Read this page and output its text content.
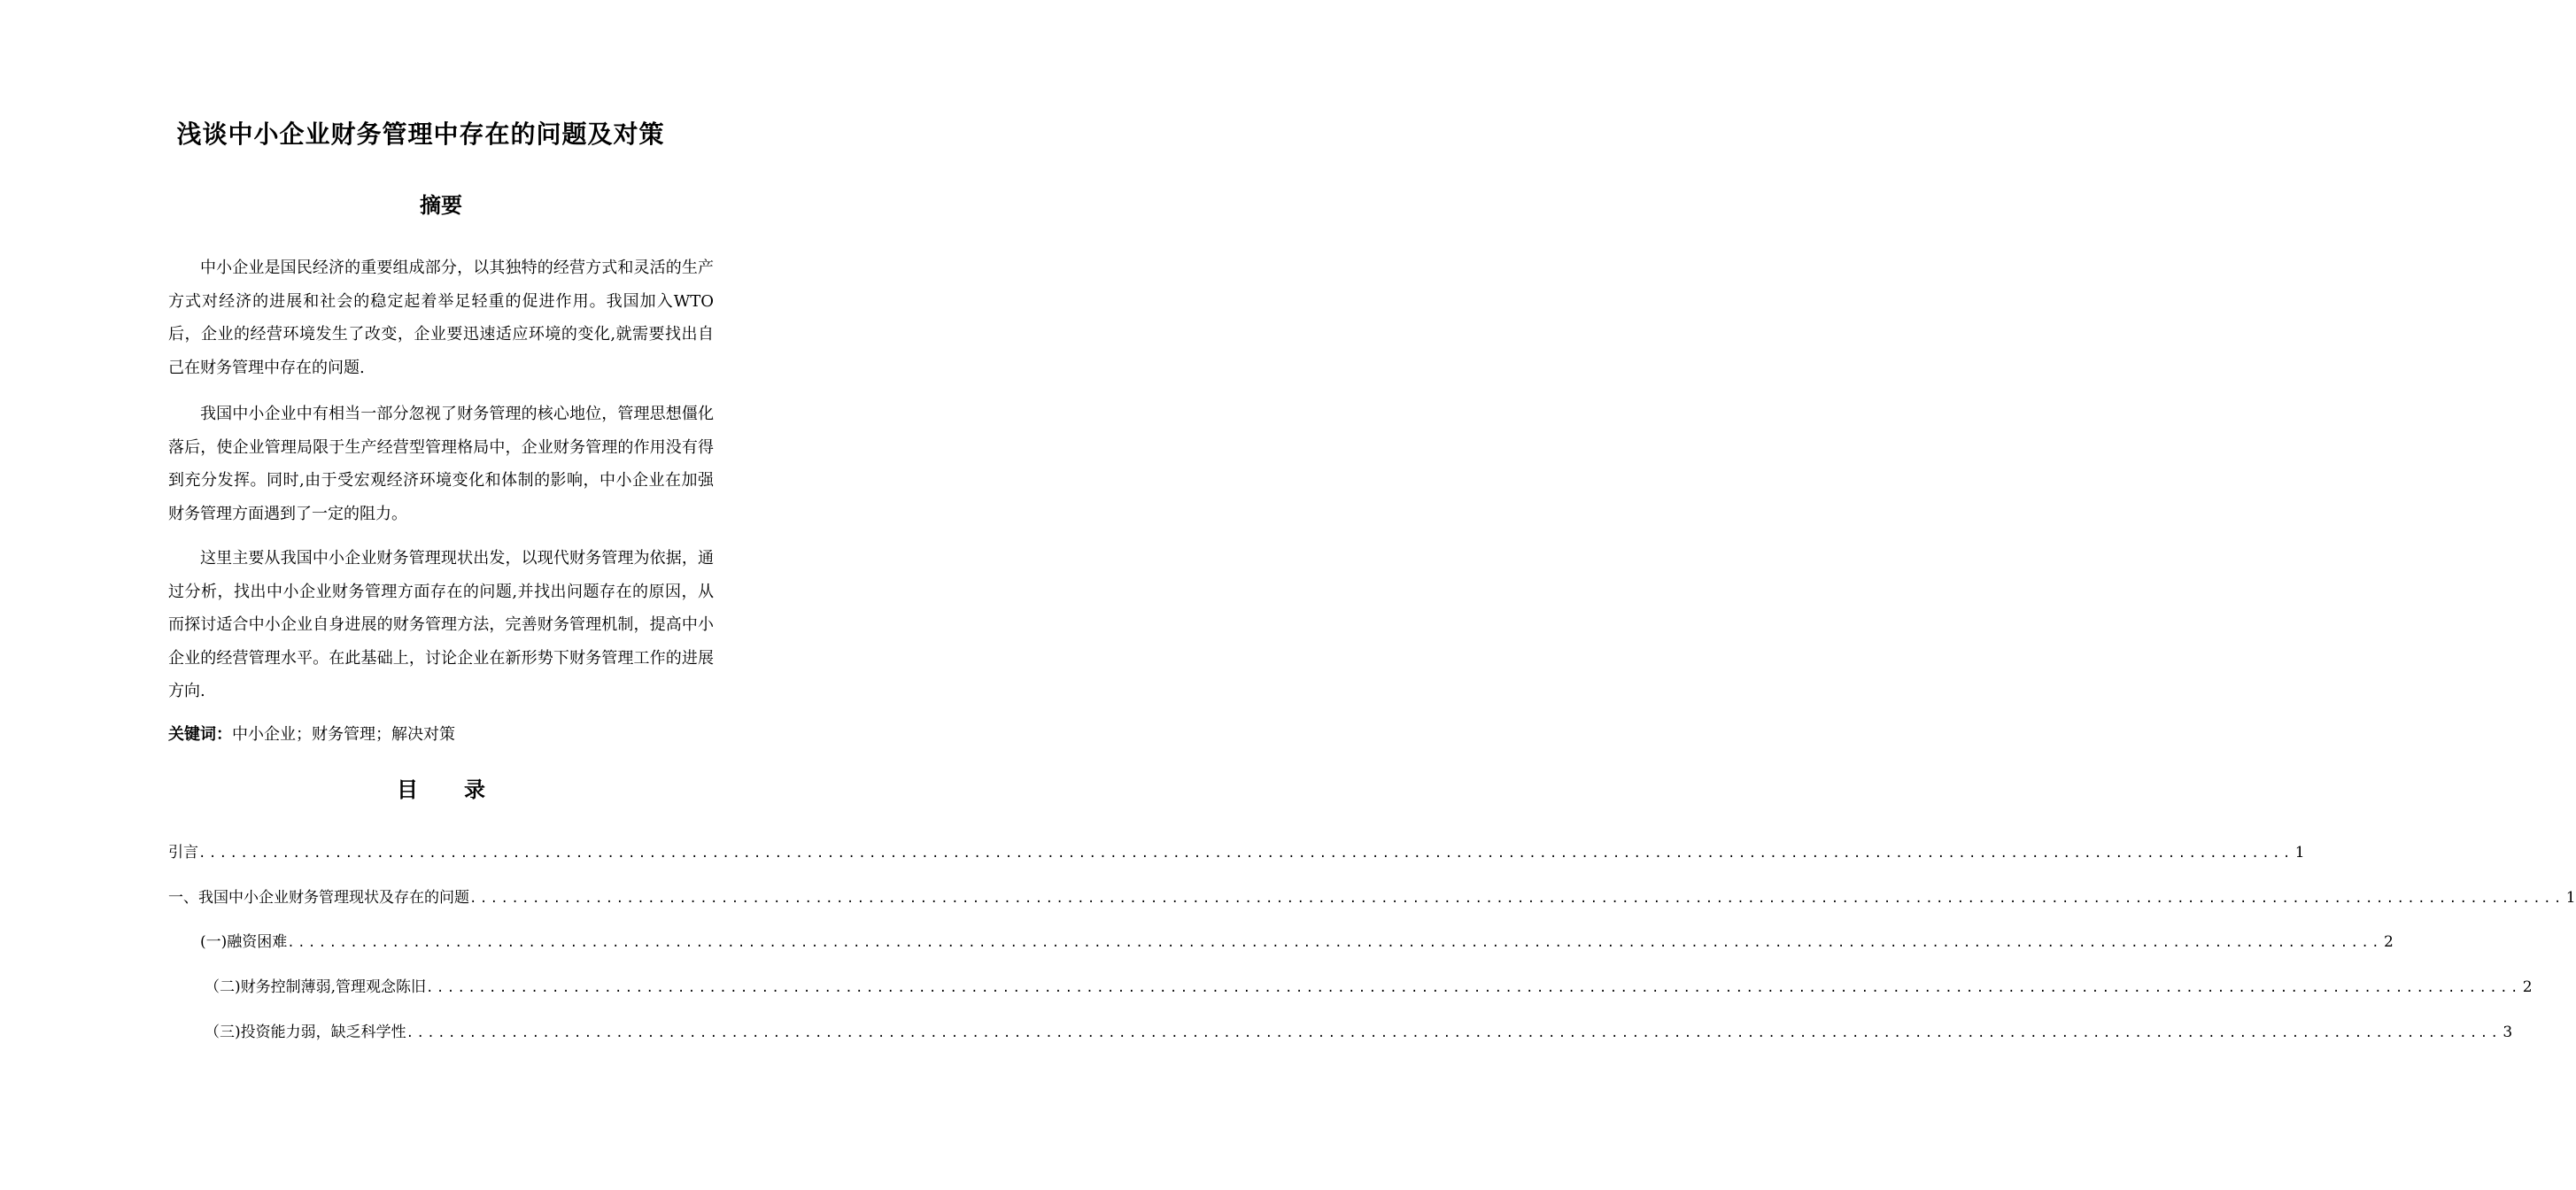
浅谈中小企业财务管理中存在的问题及对策
摘要

中小企业是国民经济的重要组成部分，以其独特的经营方式和灵活的生产方式对经济的进展和社会的稳定起着举足轻重的促进作用。我国加入WTO后，企业的经营环境发生了改变，企业要迅速适应环境的变化,就需要找出自己在财务管理中存在的问题.

我国中小企业中有相当一部分忽视了财务管理的核心地位，管理思想僵化落后，使企业管理局限于生产经营型管理格局中，企业财务管理的作用没有得到充分发挥。同时,由于受宏观经济环境变化和体制的影响，中小企业在加强财务管理方面遇到了一定的阻力。

这里主要从我国中小企业财务管理现状出发，以现代财务管理为依据，通过分析，找出中小企业财务管理方面存在的问题,并找出问题存在的原因，从而探讨适合中小企业自身进展的财务管理方法，完善财务管理机制，提高中小企业的经营管理水平。在此基础上，讨论企业在新形势下财务管理工作的进展方向.

关键词：中小企业；财务管理；解决对策
目 录
引言 ........................................................................................................................................................................................................ 1
一、我国中小企业财务管理现状及存在的问题 ........................................................................................................................................................................................................ 1
(一)融资困难 ........................................................................................................................................................................................................ 2
（二)财务控制薄弱,管理观念陈旧 ........................................................................................................................................................................................................ 2
（三)投资能力弱，缺乏科学性 ........................................................................................................................................................................................................ 3
